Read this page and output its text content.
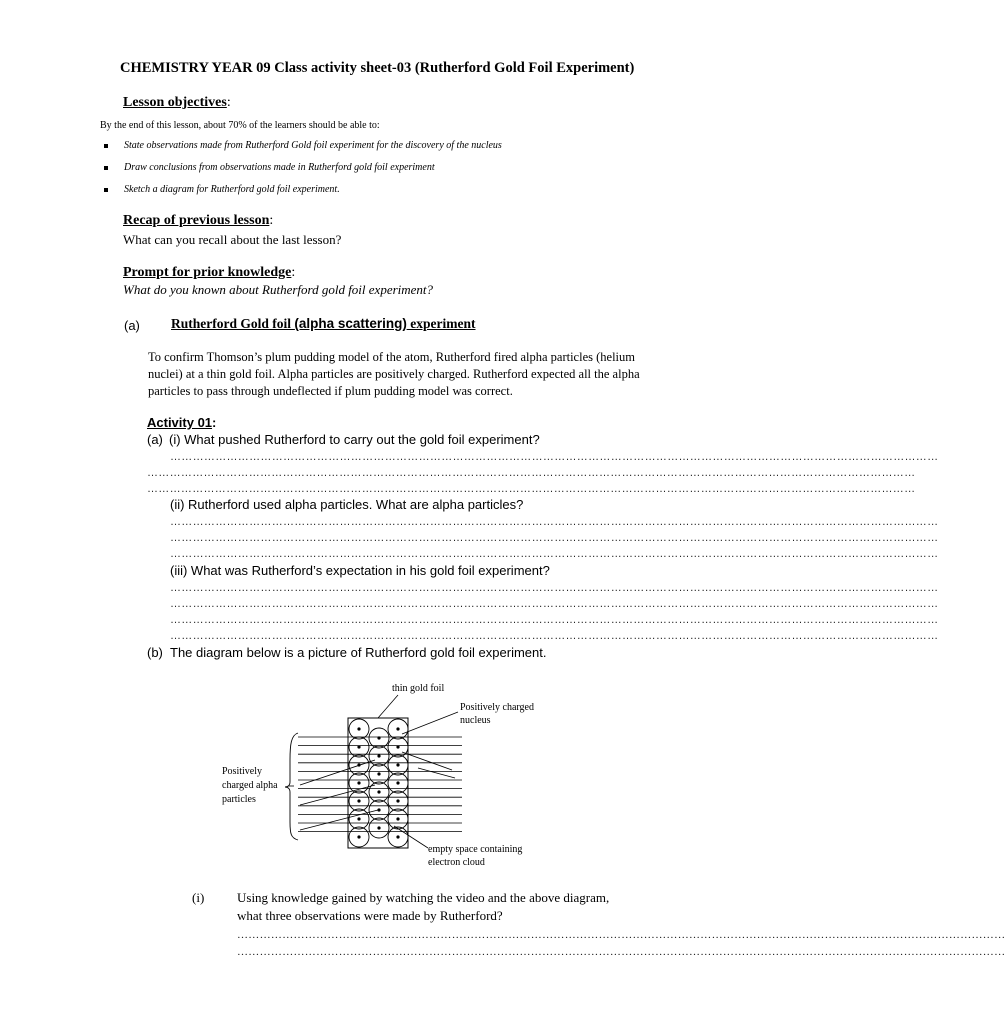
CHEMISTRY YEAR 09 Class activity sheet-03 (Rutherford Gold Foil Experiment)
Lesson objectives:
By the end of this lesson, about 70% of the learners should be able to:
State observations made from Rutherford Gold foil experiment for the discovery of the nucleus
Draw conclusions from observations made in Rutherford gold foil experiment
Sketch a diagram for Rutherford gold foil experiment.
Recap of previous lesson:
What can you recall about the last lesson?
Prompt for prior knowledge:
What do you known about Rutherford gold foil experiment?
(a) Rutherford Gold foil (alpha scattering) experiment
To confirm Thomson’s plum pudding model of the atom, Rutherford fired alpha particles (helium
nuclei) at a thin gold foil. Alpha particles are positively charged. Rutherford expected all the alpha
particles to pass through undeflected if plum pudding model was correct.
Activity 01:
(a) (i) What pushed Rutherford to carry out the gold foil experiment?
……………………………………………………………………………………………………………………………………………………………………………………
……………………………………………………………………………………………………………………………………………………………………………………
……………………………………………………………………………………………………………………………………………………………………………………
(ii) Rutherford used alpha particles. What are alpha particles?
……………………………………………………………………………………………………………………………………………………………………………………
……………………………………………………………………………………………………………………………………………………………………………………
……………………………………………………………………………………………………………………………………………………………………………………
(iii) What was Rutherford’s expectation in his gold foil experiment?
……………………………………………………………………………………………………………………………………………………………………………………
……………………………………………………………………………………………………………………………………………………………………………………
……………………………………………………………………………………………………………………………………………………………………………………
……………………………………………………………………………………………………………………………………………………………………………………
(b) The diagram below is a picture of Rutherford gold foil experiment.
thin gold foil
Positively charged
nucleus
Positively
charged alpha
particles
empty space containing
electron cloud
(i)	Using knowledge gained by watching the video and the above diagram,
what three observations were made by Rutherford?
……………………………………………………………………………………………………………………………………………………………………………………
……………………………………………………………………………………………………………………………………………………………………………………
